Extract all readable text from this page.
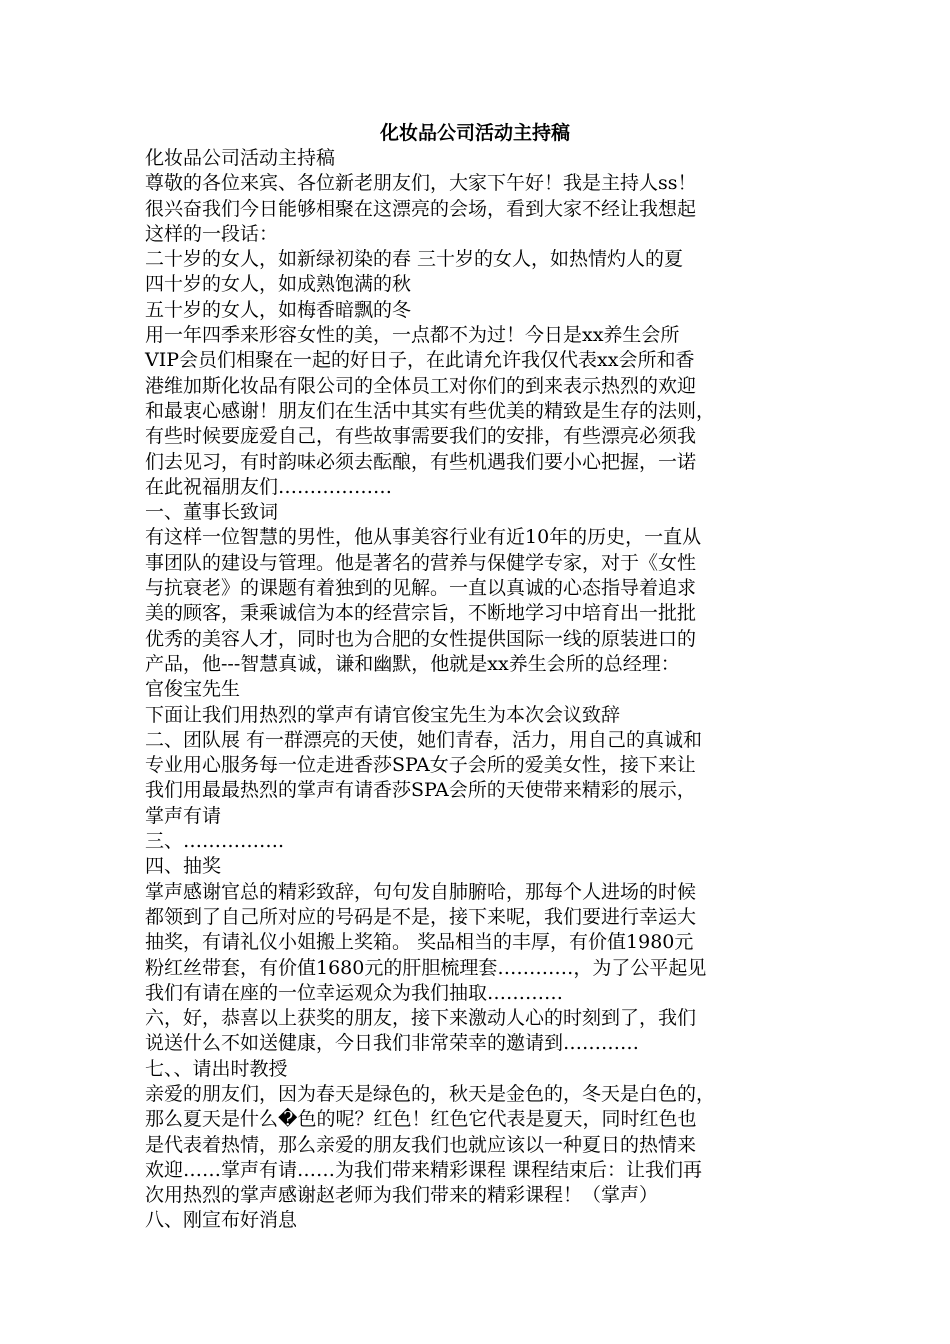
化妆品公司活动主持稿
化妆品公司活动主持稿
尊敬的各位来宾、各位新老朋友们，大家下午好！我是主持人ss！
很兴奋我们今日能够相聚在这漂亮的会场，看到大家不经让我想起
这样的一段话：
二十岁的女人，如新绿初染的春 三十岁的女人，如热情灼人的夏
四十岁的女人，如成熟饱满的秋
五十岁的女人，如梅香暗飘的冬
用一年四季来形容女性的美，一点都不为过！今日是xx养生会所
VIP会员们相聚在一起的好日子，在此请允许我仅代表xx会所和香
港维加斯化妆品有限公司的全体员工对你们的到来表示热烈的欢迎
和最衷心感谢！朋友们在生活中其实有些优美的精致是生存的法则，
有些时候要庞爱自己，有些故事需要我们的安排，有些漂亮必须我
们去见习，有时韵味必须去酝酿，有些机遇我们要小心把握，一诺
在此祝福朋友们………………
一、董事长致词
有这样一位智慧的男性，他从事美容行业有近10年的历史，一直从
事团队的建设与管理。他是著名的营养与保健学专家，对于《女性
与抗衰老》的课题有着独到的见解。一直以真诚的心态指导着追求
美的顾客，秉乘诚信为本的经营宗旨，不断地学习中培育出一批批
优秀的美容人才，同时也为合肥的女性提供国际一线的原装进口的
产品，他---智慧真诚，谦和幽默，他就是xx养生会所的总经理：
官俊宝先生
下面让我们用热烈的掌声有请官俊宝先生为本次会议致辞
二、团队展 有一群漂亮的天使，她们青春，活力，用自己的真诚和
专业用心服务每一位走进香莎SPA女子会所的爱美女性，接下来让
我们用最最热烈的掌声有请香莎SPA会所的天使带来精彩的展示，
掌声有请
三、…………….
四、抽奖
掌声感谢官总的精彩致辞，句句发自肺腑哈，那每个人进场的时候
都领到了自己所对应的号码是不是，接下来呢，我们要进行幸运大
抽奖，有请礼仪小姐搬上奖箱。 奖品相当的丰厚，有价值1980元
粉红丝带套，有价值1680元的肝胆梳理套…………，为了公平起见
我们有请在座的一位幸运观众为我们抽取…………
六，好，恭喜以上获奖的朋友，接下来激动人心的时刻到了，我们
说送什么不如送健康，今日我们非常荣幸的邀请到…………
七、、请出时教授
亲爱的朋友们，因为春天是绿色的，秋天是金色的，冬天是白色的，
那么夏天是什么�色的呢？红色！红色它代表是夏天，同时红色也
是代表着热情，那么亲爱的朋友我们也就应该以一种夏日的热情来
欢迎……掌声有请……为我们带来精彩课程 课程结束后：让我们再
次用热烈的掌声感谢赵老师为我们带来的精彩课程！（掌声）
八、刚宣布好消息
